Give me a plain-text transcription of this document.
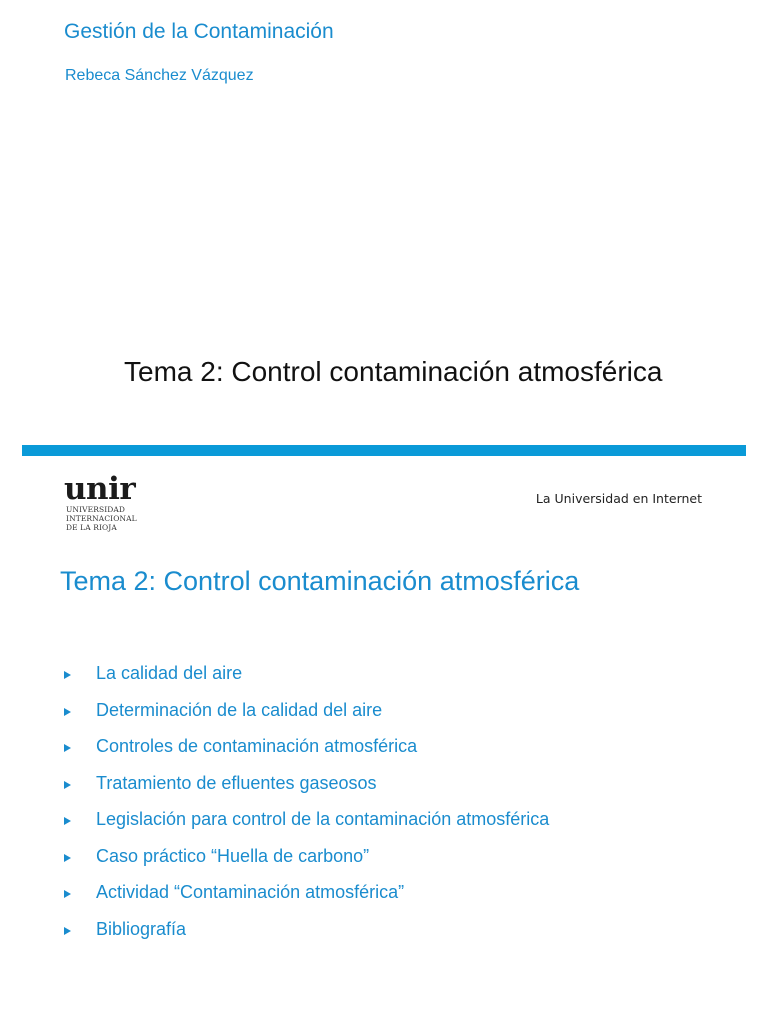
Gestión de la Contaminación
Rebeca Sánchez Vázquez
Tema 2: Control contaminación atmosférica
unir
UNIVERSIDAD
INTERNACIONAL
DE LA RIOJA
La Universidad en Internet
Tema 2: Control contaminación atmosférica
La calidad del aire
Determinación de la calidad del aire
Controles de contaminación atmosférica
Tratamiento de efluentes gaseosos
Legislación para control de la contaminación atmosférica
Caso práctico “Huella de carbono”
Actividad “Contaminación atmosférica”
Bibliografía
